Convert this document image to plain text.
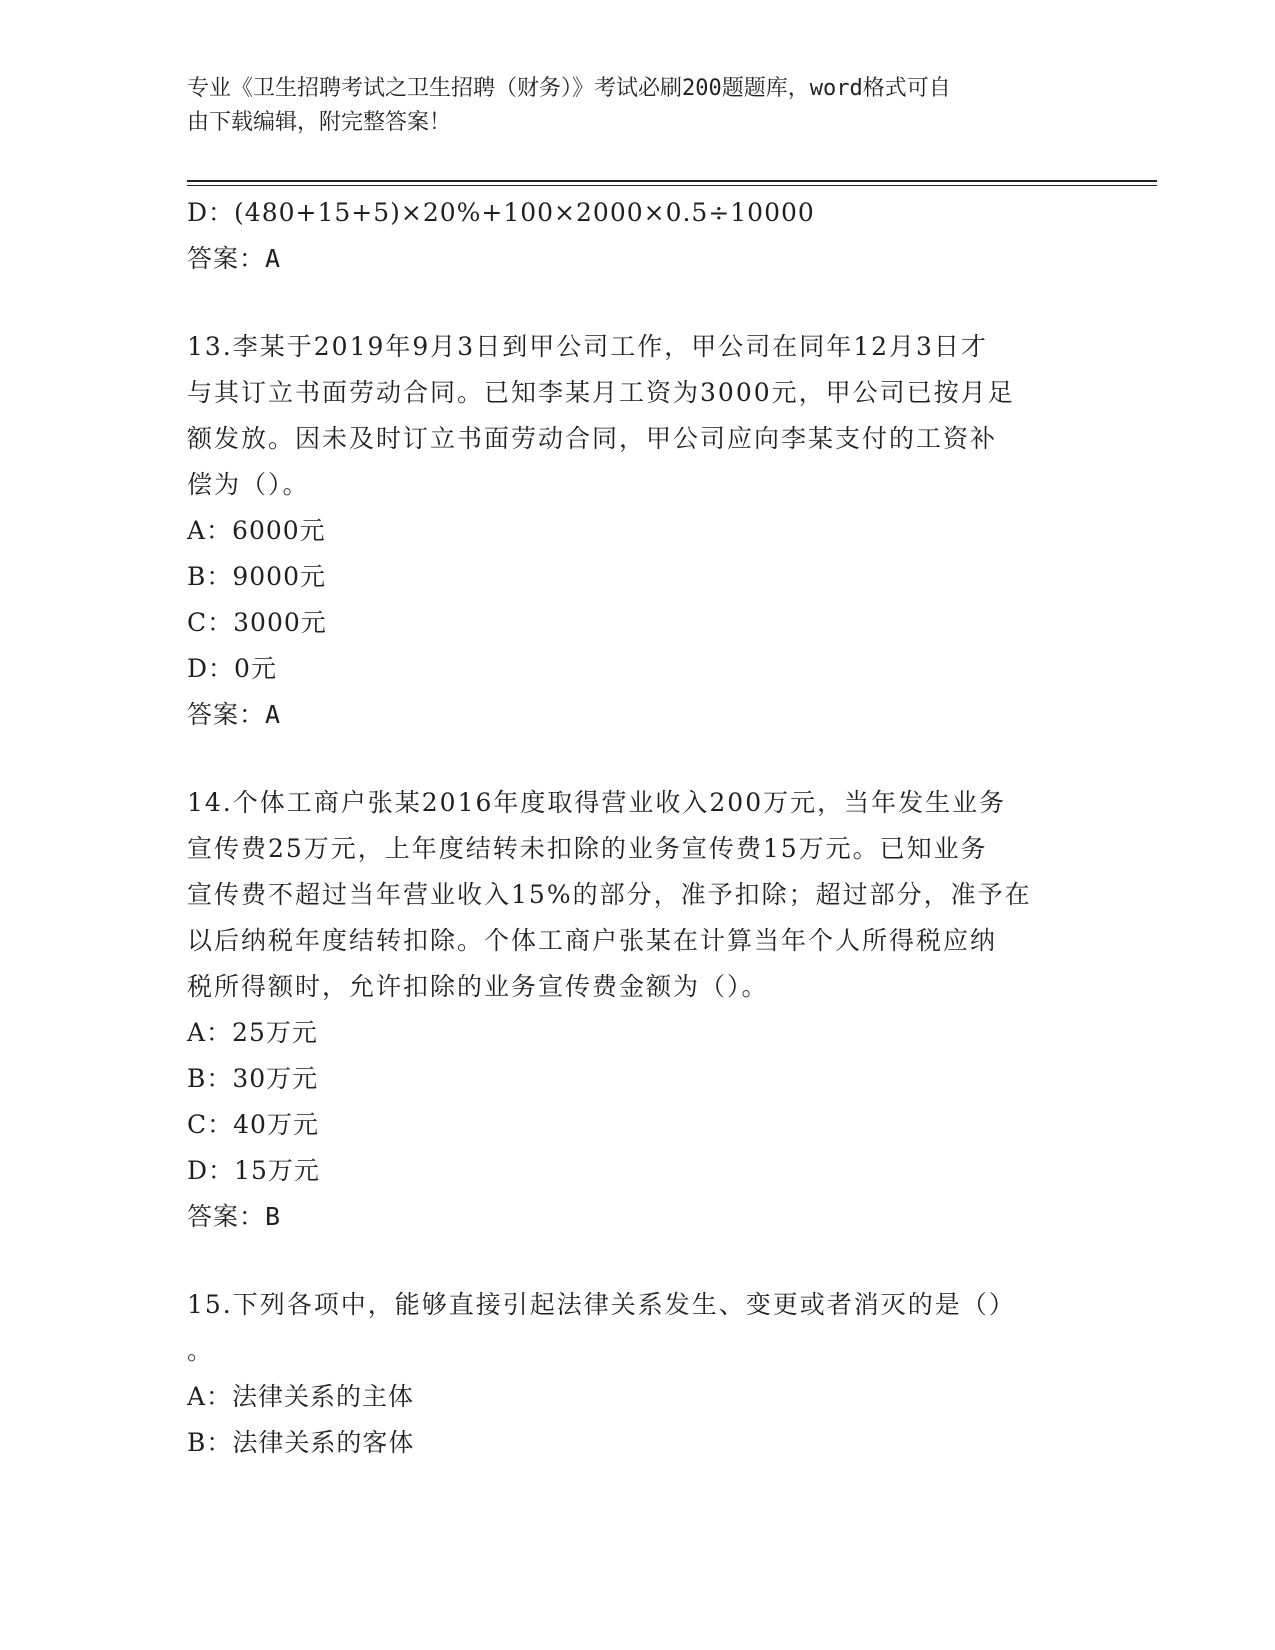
专业《卫生招聘考试之卫生招聘（财务）》考试必刷200题题库，word格式可自
由下载编辑，附完整答案！
D：(480+15+5)×20%+100×2000×0.5÷10000
答案：A
13.李某于2019年9月3日到甲公司工作，甲公司在同年12月3日才
与其订立书面劳动合同。已知李某月工资为3000元，甲公司已按月足
额发放。因未及时订立书面劳动合同，甲公司应向李某支付的工资补
偿为（）。
A：6000元
B：9000元
C：3000元
D：0元
答案：A
14.个体工商户张某2016年度取得营业收入200万元，当年发生业务
宣传费25万元，上年度结转未扣除的业务宣传费15万元。已知业务
宣传费不超过当年营业收入15%的部分，准予扣除；超过部分，准予在
以后纳税年度结转扣除。个体工商户张某在计算当年个人所得税应纳
税所得额时，允许扣除的业务宣传费金额为（）。
A：25万元
B：30万元
C：40万元
D：15万元
答案：B
15.下列各项中，能够直接引起法律关系发生、变更或者消灭的是（）
。
A：法律关系的主体
B：法律关系的客体
